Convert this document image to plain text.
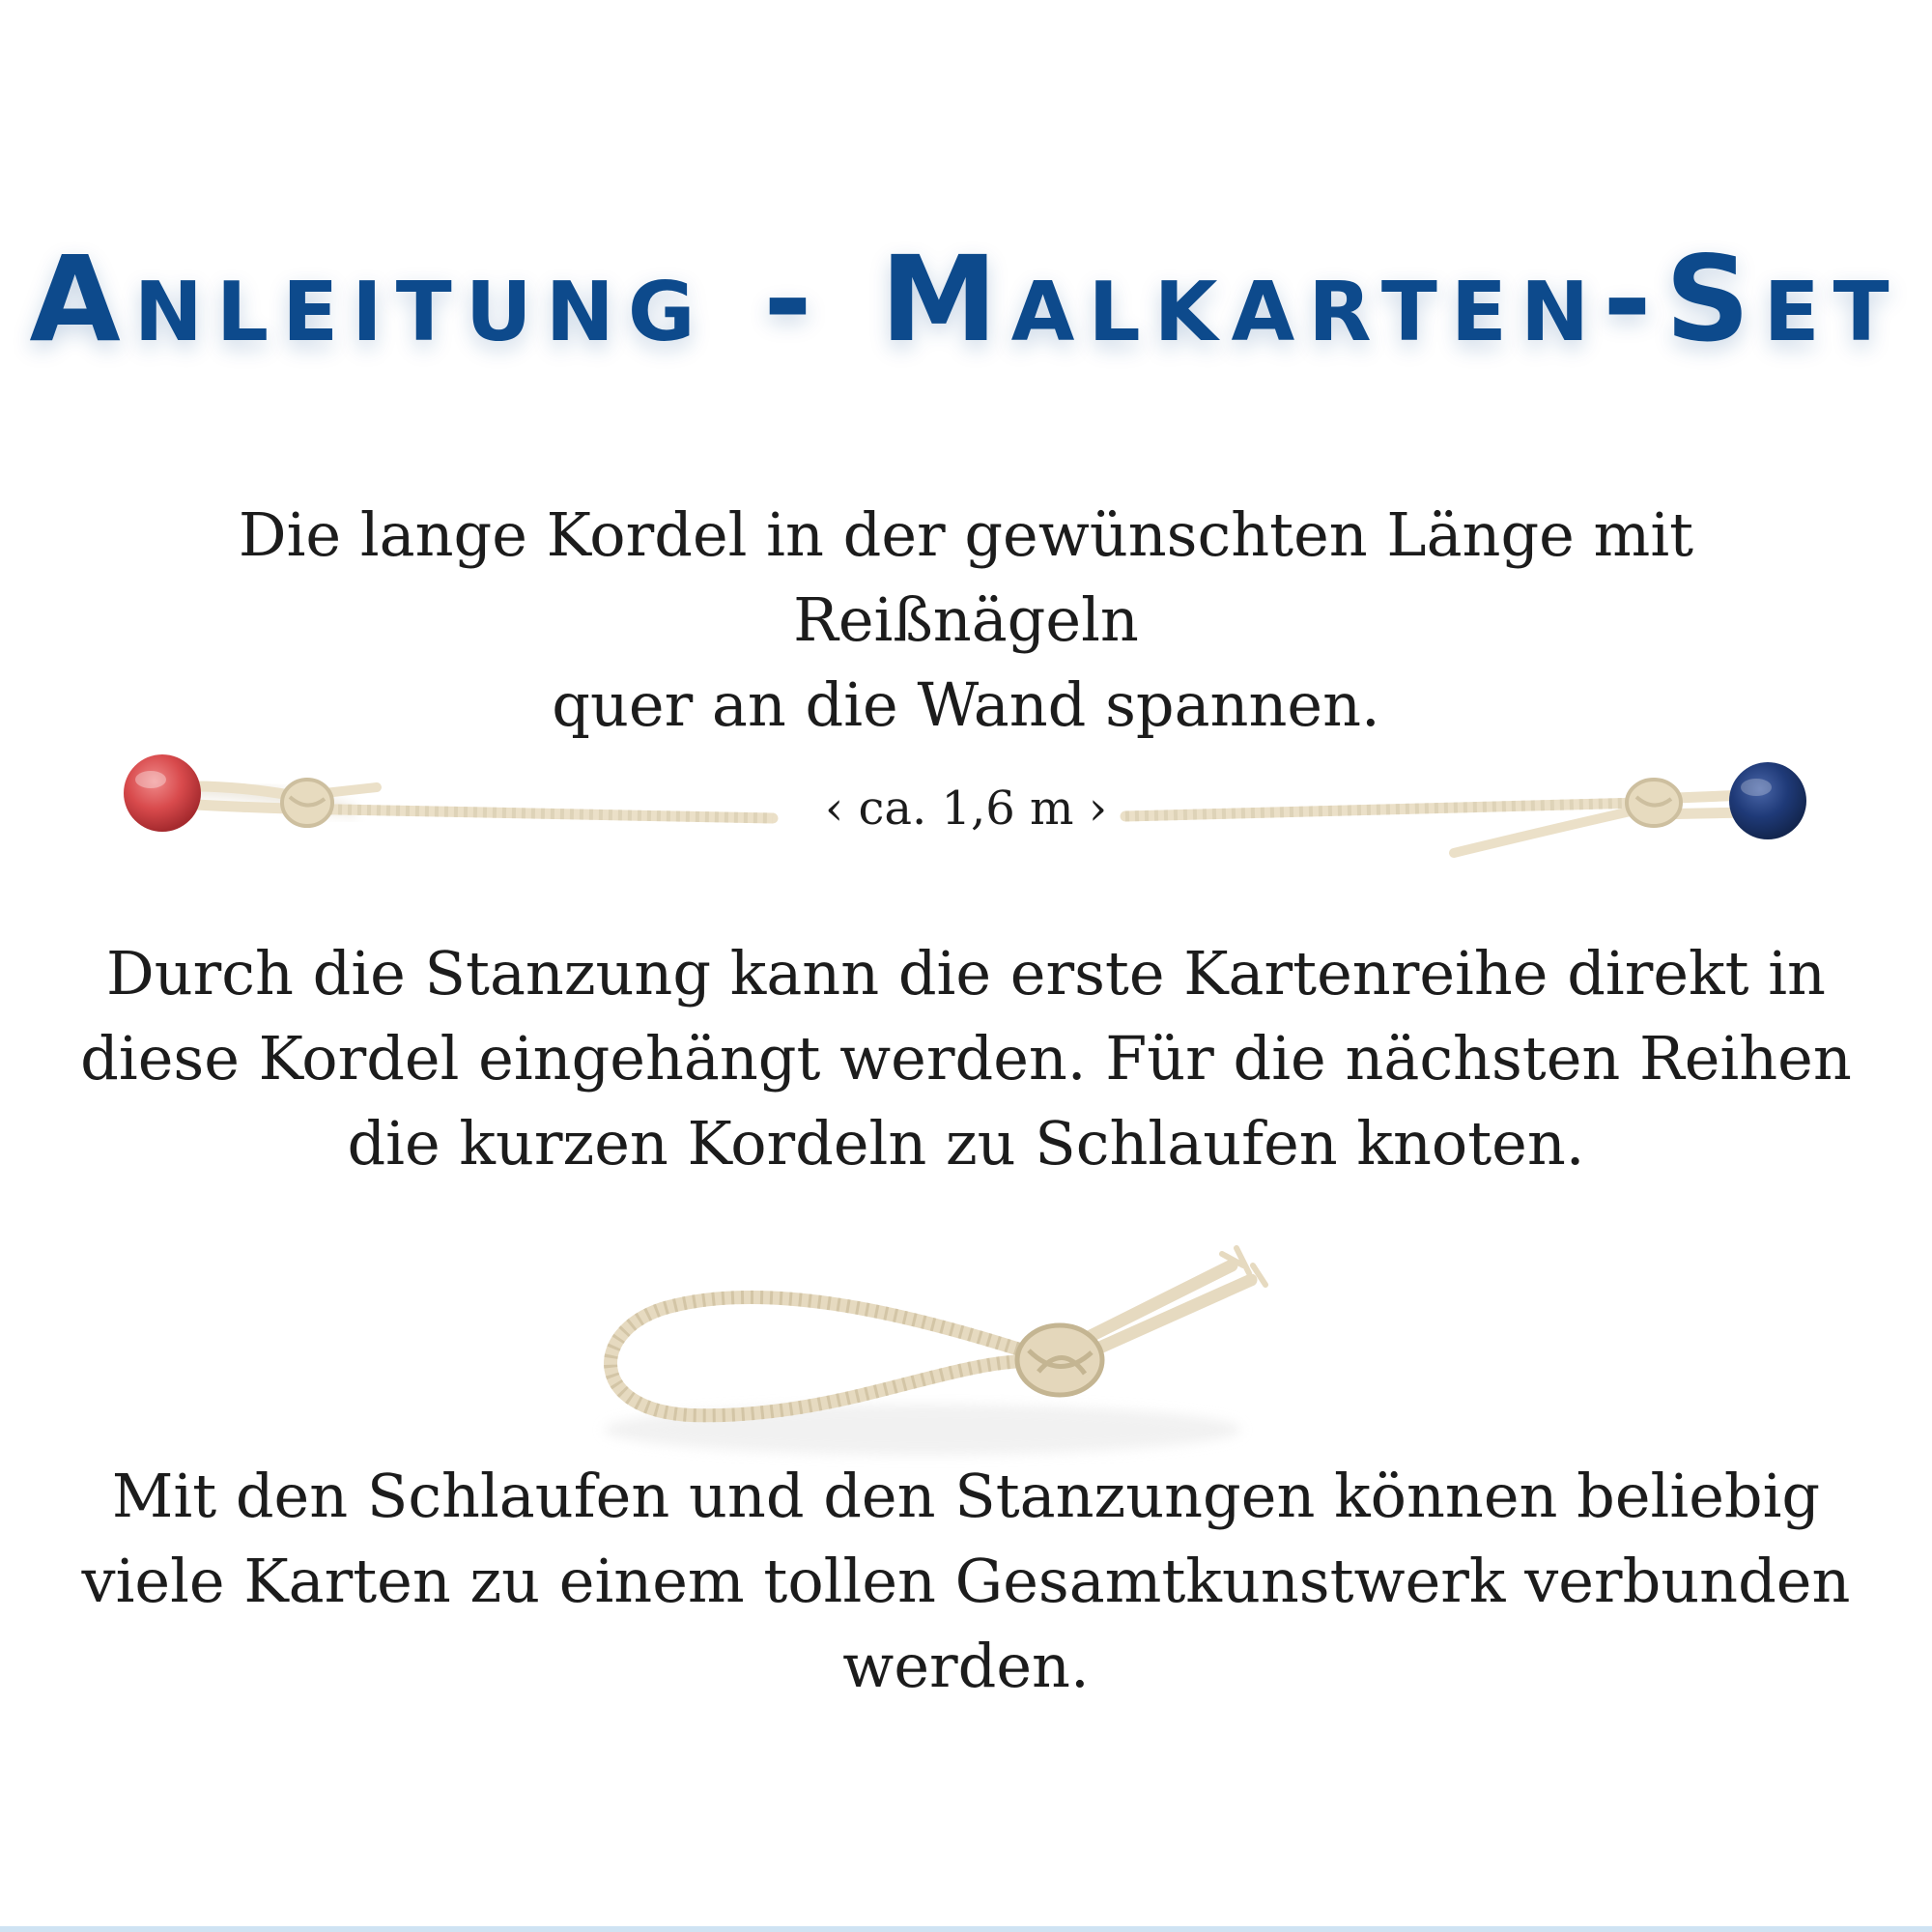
Anleitung - Malkarten-Set

Die lange Kordel in der gewünschten Länge mit Reißnägeln
quer an die Wand spannen.

‹ ca. 1,6 m ›

Durch die Stanzung kann die erste Kartenreihe direkt in
diese Kordel eingehängt werden. Für die nächsten Reihen
die kurzen Kordeln zu Schlaufen knoten.

Mit den Schlaufen und den Stanzungen können beliebig
viele Karten zu einem tollen Gesamtkunstwerk verbunden
werden.
